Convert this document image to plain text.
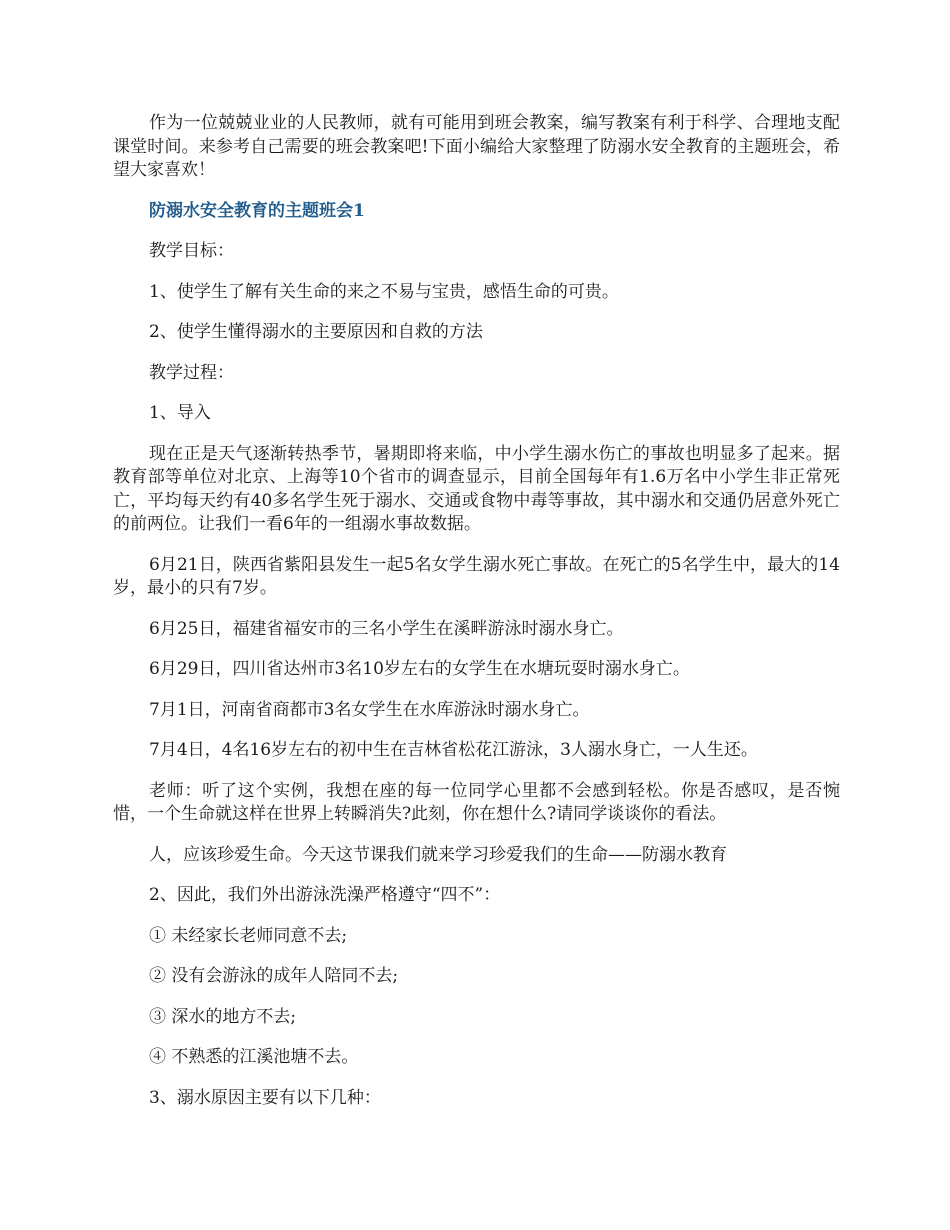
作为一位兢兢业业的人民教师，就有可能用到班会教案，编写教案有利于科学、合理地支配课堂时间。来参考自己需要的班会教案吧!下面小编给大家整理了防溺水安全教育的主题班会，希望大家喜欢！

防溺水安全教育的主题班会1

教学目标：

1、使学生了解有关生命的来之不易与宝贵，感悟生命的可贵。

2、使学生懂得溺水的主要原因和自救的方法

教学过程：

1、导入

现在正是天气逐渐转热季节，暑期即将来临，中小学生溺水伤亡的事故也明显多了起来。据教育部等单位对北京、上海等10个省市的调查显示，目前全国每年有1.6万名中小学生非正常死亡，平均每天约有40多名学生死于溺水、交通或食物中毒等事故，其中溺水和交通仍居意外死亡的前两位。让我们一看6年的一组溺水事故数据。

6月21日，陕西省紫阳县发生一起5名女学生溺水死亡事故。在死亡的5名学生中，最大的14岁，最小的只有7岁。

6月25日，福建省福安市的三名小学生在溪畔游泳时溺水身亡。

6月29日，四川省达州市3名10岁左右的女学生在水塘玩耍时溺水身亡。

7月1日，河南省商都市3名女学生在水库游泳时溺水身亡。

7月4日，4名16岁左右的初中生在吉林省松花江游泳，3人溺水身亡，一人生还。

老师：听了这个实例，我想在座的每一位同学心里都不会感到轻松。你是否感叹，是否惋惜，一个生命就这样在世界上转瞬消失?此刻，你在想什么?请同学谈谈你的看法。

人，应该珍爱生命。今天这节课我们就来学习珍爱我们的生命——防溺水教育

2、因此，我们外出游泳洗澡严格遵守“四不”：

① 未经家长老师同意不去;

② 没有会游泳的成年人陪同不去;

③ 深水的地方不去;

④ 不熟悉的江溪池塘不去。

3、溺水原因主要有以下几种：
